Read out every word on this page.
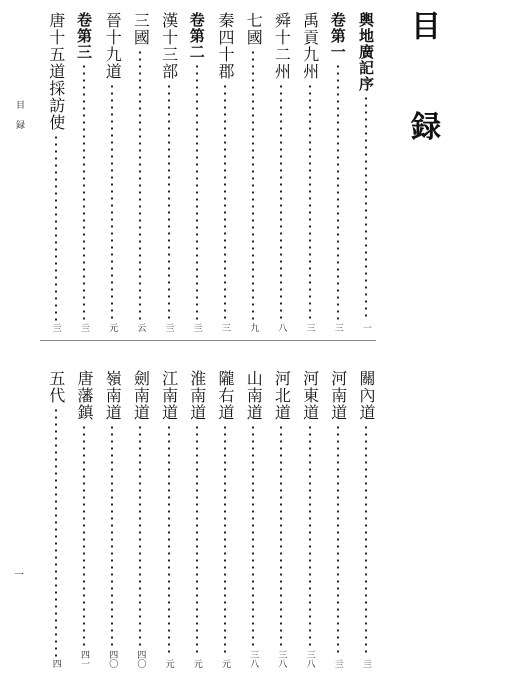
目 録
目 録
一
輿地廣記序
一
卷第一
三
禹貢九州
三
舜十二州
八
七國
九
秦四十郡
三
卷第二
亖
漢十三部
亖
三國
云
晉十九道
元
卷第三
亖
唐十五道採訪使
亖
關內道
亖
河南道
亖
河東道
三八
河北道
三八
山南道
三八
隴右道
元
淮南道
元
江南道
元
劍南道
四〇
嶺南道
四〇
唐藩鎮
四一
五代
四
